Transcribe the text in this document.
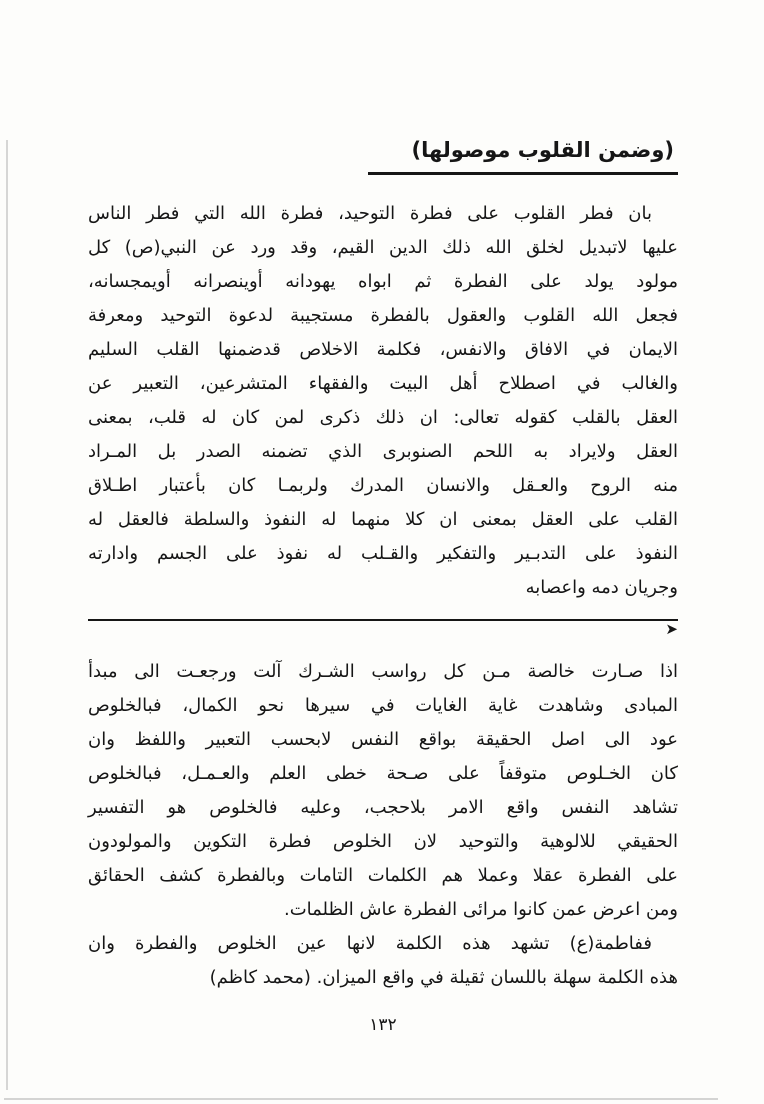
(وضمن القلوب موصولها)
بان فطر القلوب على فطرة التوحيد، فطرة الله التي فطر الناس
عليها لاتبديل لخلق الله ذلك الدين القيم، وقد ورد عن النبي(ص) كل
مولود يولد على الفطرة ثم ابواه يهودانه أوينصرانه أويمجسانه،
فجعل الله القلوب والعقول بالفطرة مستجيبة لدعوة التوحيد ومعرفة
الايمان في الافاق والانفس، فكلمة الاخلاص قدضمنها القلب السليم
والغالب في اصطلاح أهل البيت والفقهاء المتشرعين، التعبير عن
العقل بالقلب كقوله تعالى: ان ذلك ذكرى لمن كان له قلب، بمعنى
العقل ولايراد به اللحم الصنوبرى الذي تضمنه الصدر بل المـراد
منه الروح والعـقل والانسان المدرك ولربمـا كان بأعتبار اطـلاق
القلب على العقل بمعنى ان كلا منهما له النفوذ والسلطة فالعقل له
النفوذ على التدبـير والتفكير والقـلب له نفوذ على الجسم وادارته
وجريان دمه واعصابه
➤
اذا صـارت خالصة مـن كل رواسب الشـرك آلت ورجعـت الى مبدأ
المبادى وشاهدت غاية الغايات في سيرها نحو الكمال، فبالخلوص
عود الى اصل الحقيقة بواقع النفس لابحسب التعبير واللفظ وان
كان الخـلوص متوقفاً على صـحة خطى العلم والعـمـل، فبالخلوص
تشاهد النفس واقع الامر بلاحجب، وعليه فالخلوص هو التفسير
الحقيقي للالوهية والتوحيد لان الخلوص فطرة التكوين والمولودون
على الفطرة عقلا وعملا هم الكلمات التامات وبالفطرة كشف الحقائق
ومن اعرض عمن كانوا مرائى الفطرة عاش الظلمات.
ففاطمة(ع) تشهد هذه الكلمة لانها عين الخلوص والفطرة وان
هذه الكلمة سهلة باللسان ثقيلة في واقع الميزان. (محمد كاظم)
١٣٢
